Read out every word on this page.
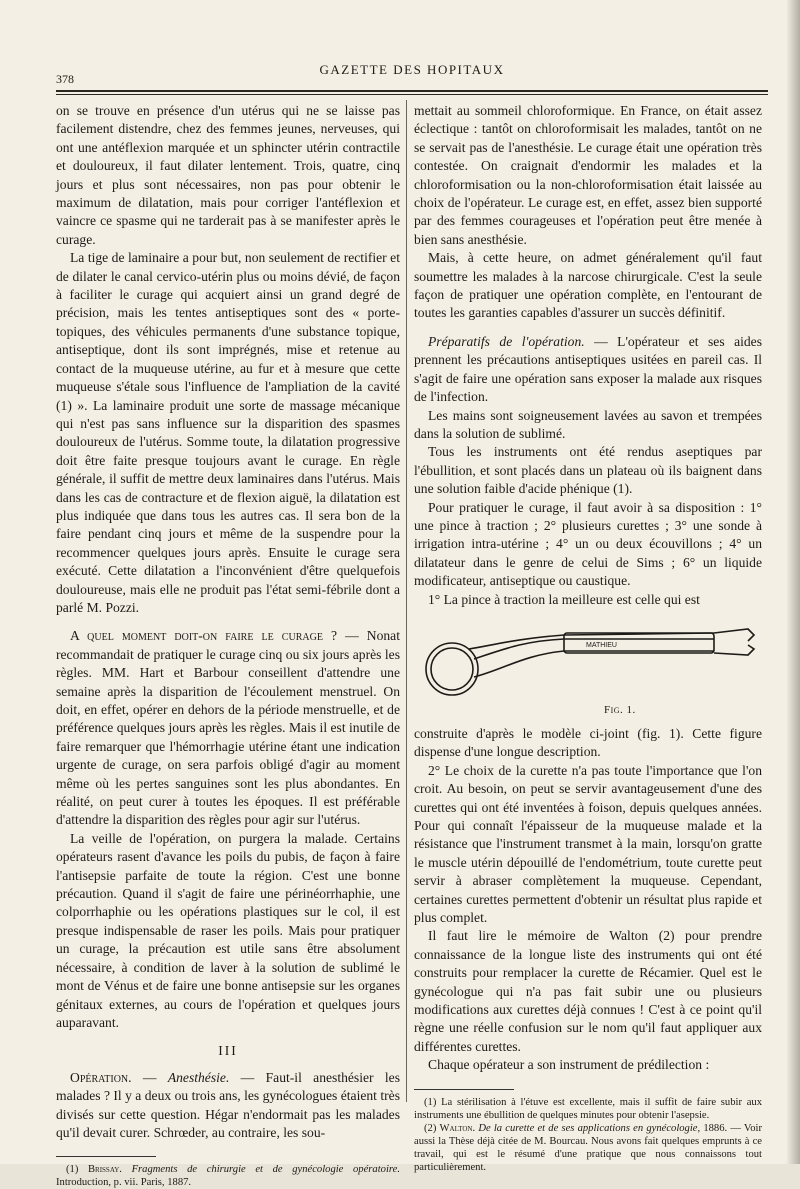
378
GAZETTE DES HOPITAUX

on se trouve en présence d'un utérus qui ne se laisse pas facilement distendre, chez des femmes jeunes, nerveuses, qui ont une antéflexion marquée et un sphincter utérin contractile et douloureux, il faut dilater lentement. Trois, quatre, cinq jours et plus sont nécessaires, non pas pour obtenir le maximum de dilatation, mais pour corriger l'antéflexion et vaincre ce spasme qui ne tarderait pas à se manifester après le curage.

La tige de laminaire a pour but, non seulement de rectifier et de dilater le canal cervico-utérin plus ou moins dévié, de façon à faciliter le curage qui acquiert ainsi un grand degré de précision, mais les tentes antiseptiques sont des « porte-topiques, des véhicules permanents d'une substance topique, antiseptique, dont ils sont imprégnés, mise et retenue au contact de la muqueuse utérine, au fur et à mesure que cette muqueuse s'étale sous l'influence de l'ampliation de la cavité (1) ». La laminaire produit une sorte de massage mécanique qui n'est pas sans influence sur la disparition des spasmes douloureux de l'utérus. Somme toute, la dilatation progressive doit être faite presque toujours avant le curage. En règle générale, il suffit de mettre deux laminaires dans l'utérus. Mais dans les cas de contracture et de flexion aiguë, la dilatation est plus indiquée que dans tous les autres cas. Il sera bon de la faire pendant cinq jours et même de la suspendre pour la recommencer quelques jours après. Ensuite le curage sera exécuté. Cette dilatation a l'inconvénient d'être quelquefois douloureuse, mais elle ne produit pas l'état semi-fébrile dont a parlé M. Pozzi.

A quel moment doit-on faire le curage ? — Nonat recommandait de pratiquer le curage cinq ou six jours après les règles. MM. Hart et Barbour conseillent d'attendre une semaine après la disparition de l'écoulement menstruel. On doit, en effet, opérer en dehors de la période menstruelle, et de préférence quelques jours après les règles. Mais il est inutile de faire remarquer que l'hémorrhagie utérine étant une indication urgente de curage, on sera parfois obligé d'agir au moment même où les pertes sanguines sont les plus abondantes. En réalité, on peut curer à toutes les époques. Il est préférable d'attendre la disparition des règles pour agir sur l'utérus.

La veille de l'opération, on purgera la malade. Certains opérateurs rasent d'avance les poils du pubis, de façon à faire l'antisepsie parfaite de toute la région. C'est une bonne précaution. Quand il s'agit de faire une périnéorrhaphie, une colporrhaphie ou les opérations plastiques sur le col, il est presque indispensable de raser les poils. Mais pour pratiquer un curage, la précaution est utile sans être absolument nécessaire, à condition de laver à la solution de sublimé le mont de Vénus et de faire une bonne antisepsie sur les organes génitaux externes, au cours de l'opération et quelques jours auparavant.

III

Opération. — Anesthésie. — Faut-il anesthésier les malades ? Il y a deux ou trois ans, les gynécologues étaient très divisés sur cette question. Hégar n'endormait pas les malades qu'il devait curer. Schrœder, au contraire, les sou-

(1) Brissay. Fragments de chirurgie et de gynécologie opératoire. Introduction, p. vii. Paris, 1887.

mettait au sommeil chloroformique. En France, on était assez éclectique : tantôt on chloroformisait les malades, tantôt on ne se servait pas de l'anesthésie. Le curage était une opération très contestée. On craignait d'endormir les malades et la chloroformisation ou la non-chloroformisation était laissée au choix de l'opérateur. Le curage est, en effet, assez bien supporté par des femmes courageuses et l'opération peut être menée à bien sans anesthésie.

Mais, à cette heure, on admet généralement qu'il faut soumettre les malades à la narcose chirurgicale. C'est la seule façon de pratiquer une opération complète, en l'entourant de toutes les garanties capables d'assurer un succès définitif.

Préparatifs de l'opération. — L'opérateur et ses aides prennent les précautions antiseptiques usitées en pareil cas. Il s'agit de faire une opération sans exposer la malade aux risques de l'infection.

Les mains sont soigneusement lavées au savon et trempées dans la solution de sublimé.

Tous les instruments ont été rendus aseptiques par l'ébullition, et sont placés dans un plateau où ils baignent dans une solution faible d'acide phénique (1).

Pour pratiquer le curage, il faut avoir à sa disposition : 1° une pince à traction ; 2° plusieurs curettes ; 3° une sonde à irrigation intra-utérine ; 4° un ou deux écouvillons ; 4° un dilatateur dans le genre de celui de Sims ; 6° un liquide modificateur, antiseptique ou caustique.

1° La pince à traction la meilleure est celle qui est

MATHIEU
Fig. 1.

construite d'après le modèle ci-joint (fig. 1). Cette figure dispense d'une longue description.

2° Le choix de la curette n'a pas toute l'importance que l'on croit. Au besoin, on peut se servir avantageusement d'une des curettes qui ont été inventées à foison, depuis quelques années. Pour qui connaît l'épaisseur de la muqueuse malade et la résistance que l'instrument transmet à la main, lorsqu'on gratte le muscle utérin dépouillé de l'endométrium, toute curette peut servir à abraser complètement la muqueuse. Cependant, certaines curettes permettent d'obtenir un résultat plus rapide et plus complet.

Il faut lire le mémoire de Walton (2) pour prendre connaissance de la longue liste des instruments qui ont été construits pour remplacer la curette de Récamier. Quel est le gynécologue qui n'a pas fait subir une ou plusieurs modifications aux curettes déjà connues ! C'est à ce point qu'il règne une réelle confusion sur le nom qu'il faut appliquer aux différentes curettes.

Chaque opérateur a son instrument de prédilection :

(1) La stérilisation à l'étuve est excellente, mais il suffit de faire subir aux instruments une ébullition de quelques minutes pour obtenir l'asepsie.

(2) Walton. De la curette et de ses applications en gynécologie, 1886. — Voir aussi la Thèse déjà citée de M. Bourcau. Nous avons fait quelques emprunts à ce travail, qui est le résumé d'une pratique que nous connaissons tout particulièrement.
